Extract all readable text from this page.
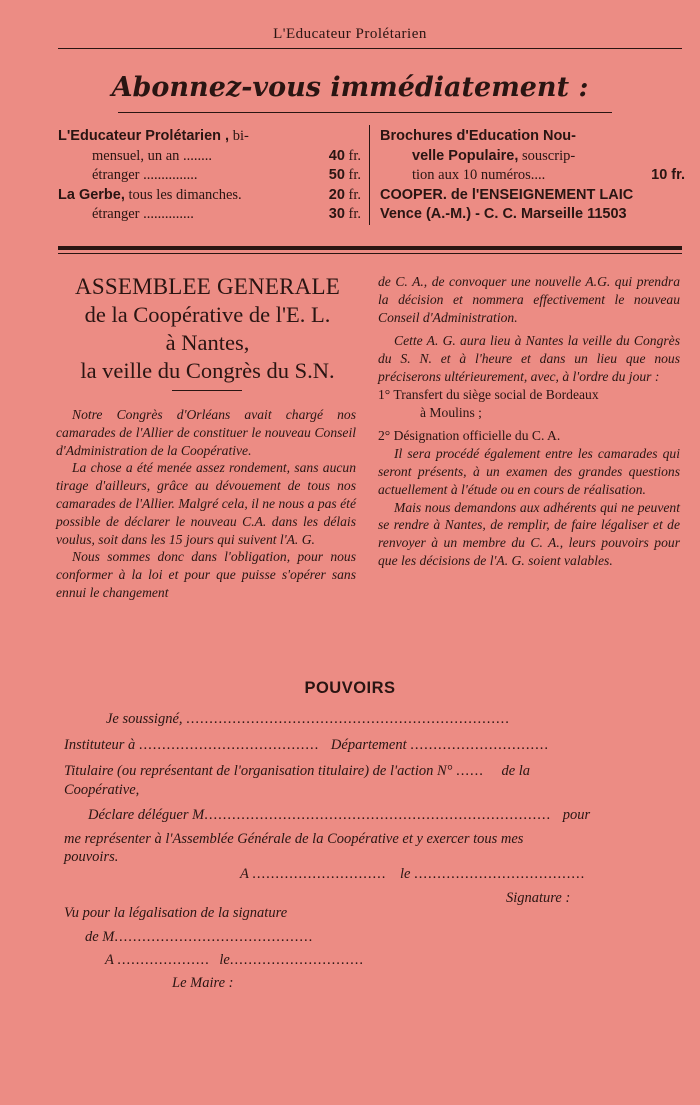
L'Educateur Prolétarien
Abonnez-vous immédiatement :
L'Educateur Prolétarien , bi-
mensuel, un an ........	40 fr.
étranger ...............	50 fr.
La Gerbe, tous les dimanches.	20 fr.
étranger ..............	30 fr.
Brochures d'Education Nou-
velle Populaire, souscrip-
tion aux 10 numéros....	10 fr.
COOPER. de l'ENSEIGNEMENT LAIC
Vence (A.-M.) - C. C. Marseille 11503
ASSEMBLEE GENERALE
de la Coopérative de l'E. L.
à Nantes,
la veille du Congrès du S.N.

Notre Congrès d'Orléans avait chargé nos camarades de l'Allier de constituer le nouveau Conseil d'Administration de la Coopérative.

La chose a été menée assez rondement, sans aucun tirage d'ailleurs, grâce au dévouement de tous nos camarades de l'Allier. Malgré cela, il ne nous a pas été possible de déclarer le nouveau C.A. dans les délais voulus, soit dans les 15 jours qui suivent l'A. G.

Nous sommes donc dans l'obligation, pour nous conformer à la loi et pour que puisse s'opérer sans ennui le changement

de C. A., de convoquer une nouvelle A.G. qui prendra la décision et nommera effectivement le nouveau Conseil d'Administration.

Cette A. G. aura lieu à Nantes la veille du Congrès du S. N. et à l'heure et dans un lieu que nous préciserons ultérieurement, avec, à l'ordre du jour :

1° Transfert du siège social de Bordeaux
à Moulins ;

2° Désignation officielle du C. A.

Il sera procédé également entre les camarades qui seront présents, à un examen des grandes questions actuellement à l'étude ou en cours de réalisation.

Mais nous demandons aux adhérents qui ne peuvent se rendre à Nantes, de remplir, de faire légaliser et de renvoyer à un membre du C. A., leurs pouvoirs pour que les décisions de l'A. G. soient valables.

POUVOIRS
Je soussigné, ......................................................................
Instituteur à ....................................... Département ..............................
Titulaire (ou représentant de l'organisation titulaire) de l'action N° ...... de la
Coopérative,
Déclare déléguer M........................................................................... pour
me représenter à l'Assemblée Générale de la Coopérative et y exercer tous mes
pouvoirs.
A ............................. le .....................................
Signature :
Vu pour la légalisation de la signature
de M...........................................
A .................... le.............................
Le Maire :
